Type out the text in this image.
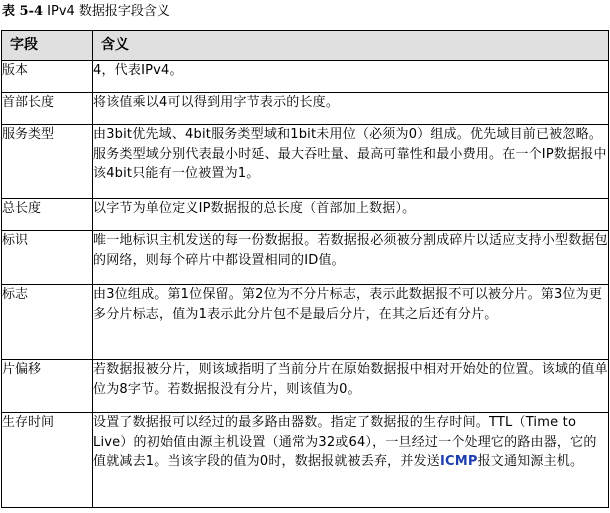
表 5-4 IPv4 数据报字段含义
字段	含义
版本	4，代表IPv4。
首部长度	将该值乘以4可以得到用字节表示的长度。
服务类型	由3bit优先域、4bit服务类型域和1bit未用位（必须为0）组成。优先域目前已被忽略。服务类型域分别代表最小时延、最大吞吐量、最高可靠性和最小费用。在一个IP数据报中该4bit只能有一位被置为1。
总长度	以字节为单位定义IP数据报的总长度（首部加上数据）。
标识	唯一地标识主机发送的每一份数据报。若数据报必须被分割成碎片以适应支持小型数据包的网络，则每个碎片中都设置相同的ID值。
标志	由3位组成。第1位保留。第2位为不分片标志，表示此数据报不可以被分片。第3位为更多分片标志，值为1表示此分片包不是最后分片，在其之后还有分片。
片偏移	若数据报被分片，则该域指明了当前分片在原始数据报中相对开始处的位置。该域的值单位为8字节。若数据报没有分片，则该值为0。
生存时间	设置了数据报可以经过的最多路由器数。指定了数据报的生存时间。TTL（Time to Live）的初始值由源主机设置（通常为32或64），一旦经过一个处理它的路由器，它的值就减去1。当该字段的值为0时，数据报就被丢弃，并发送ICMP报文通知源主机。
